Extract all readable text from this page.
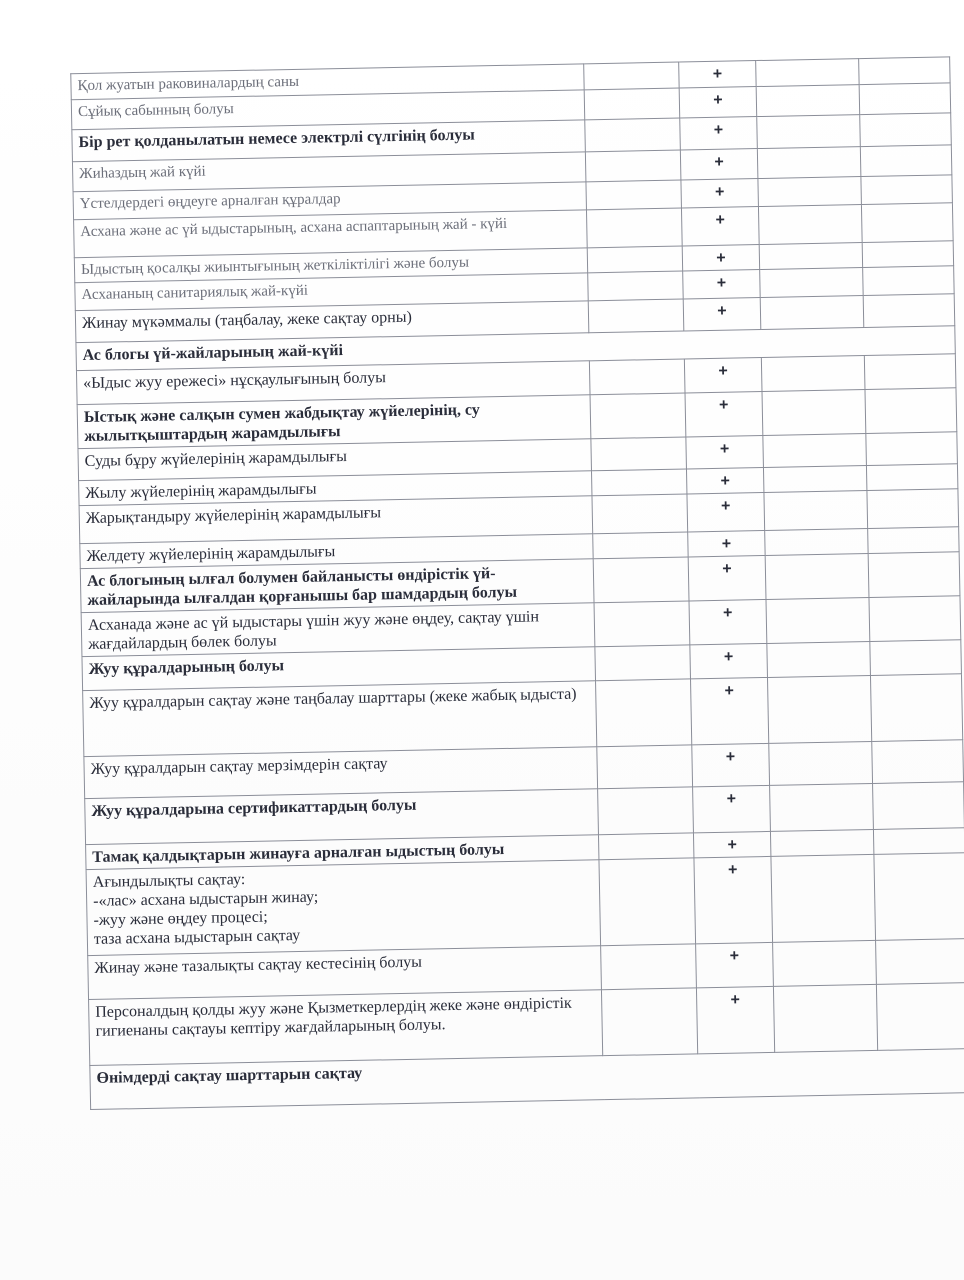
Қол жуатын раковиналардың саны		+		
Сұйық сабынның болуы		+		
Бір рет қолданылатын немесе электрлі сүлгінің болуы		+		
Жиһаздың жай күйі		+		
Үстелдердегі өңдеуге арналған құралдар		+		
Асхана және ас үй ыдыстарының, асхана аспаптарының жай - күйі		+		
Ыдыстың қосалқы жиынтығының жеткіліктілігі және болуы		+		
Асхананың санитариялық жай-күйі		+		
Жинау мүкәммалы (таңбалау, жеке сақтау орны)		+		
Ас блогы үй-жайларының жай-күйі				
«Ыдыс жуу ережесі» нұсқаулығының болуы		+		
Ыстық және салқын сумен жабдықтау жүйелерінің, су жылытқыштардың жарамдылығы		+		
Суды бұру жүйелерінің жарамдылығы		+		
Жылу жүйелерінің жарамдылығы		+		
Жарықтандыру жүйелерінің жарамдылығы		+		
Желдету жүйелерінің жарамдылығы		+		
Ас блогының ылғал болумен байланысты өндірістік үй-жайларында ылғалдан қорғанышы бар шамдардың болуы		+		
Асханада және ас үй ыдыстары үшін жуу және өңдеу, сақтау үшін жағдайлардың бөлек болуы		+		
Жуу құралдарының болуы		+		
Жуу құралдарын сақтау және таңбалау шарттары (жеке жабық ыдыста)		+		
Жуу құралдарын сақтау мерзімдерін сақтау		+		
Жуу құралдарына сертификаттардың болуы		+		
Тамақ қалдықтарын жинауға арналған ыдыстың болуы		+		

Ағындылықты сақтау:
-«лас» асхана ыдыстарын жинау;
-жуу және өңдеу процесі;
таза асхана ыдыстарын сақтау		+		
Жинау және тазалықты сақтау кестесінің болуы		+		
Персоналдың қолды жуу және Қызметкерлердің жеке және өндірістік гигиенаны сақтауы кептіру жағдайларының болуы.		+		
Өнімдерді сақтау шарттарын сақтау				
